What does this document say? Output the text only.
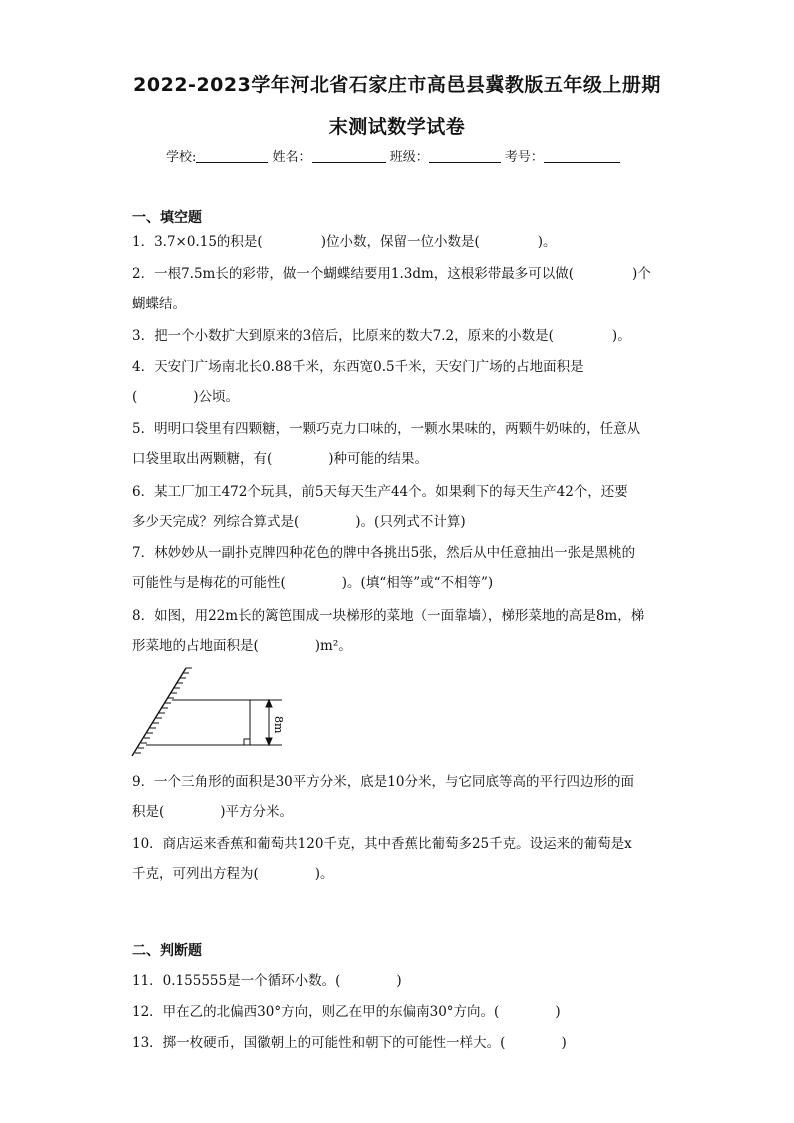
2022-2023学年河北省石家庄市高邑县冀教版五年级上册期
末测试数学试卷
学校:	姓名：	班级：	考号：
一、填空题
1．3.7×0.15的积是(	)位小数，保留一位小数是(	)。
2．一根7.5m长的彩带，做一个蝴蝶结要用1.3dm，这根彩带最多可以做(	)个
蝴蝶结。
3．把一个小数扩大到原来的3倍后，比原来的数大7.2，原来的小数是(	)。
4．天安门广场南北长0.88千米，东西宽0.5千米，天安门广场的占地面积是
(	)公顷。
5．明明口袋里有四颗糖，一颗巧克力口味的，一颗水果味的，两颗牛奶味的，任意从
口袋里取出两颗糖，有(	)种可能的结果。
6．某工厂加工472个玩具，前5天每天生产44个。如果剩下的每天生产42个，还要
多少天完成？列综合算式是(	)。(只列式不计算)
7．林妙妙从一副扑克牌四种花色的牌中各挑出5张，然后从中任意抽出一张是黑桃的
可能性与是梅花的可能性(	)。(填“相等”或“不相等”)
8．如图，用22m长的篱笆围成一块梯形的菜地（一面靠墙），梯形菜地的高是8m，梯
形菜地的占地面积是(	)m²。
8m
9．一个三角形的面积是30平方分米，底是10分米，与它同底等高的平行四边形的面
积是(	)平方分米。
10．商店运来香蕉和葡萄共120千克，其中香蕉比葡萄多25千克。设运来的葡萄是x
千克，可列出方程为(	)。
二、判断题
11．0.155555是一个循环小数。(	)
12．甲在乙的北偏西30°方向，则乙在甲的东偏南30°方向。(	)
13．掷一枚硬币，国徽朝上的可能性和朝下的可能性一样大。(	)
